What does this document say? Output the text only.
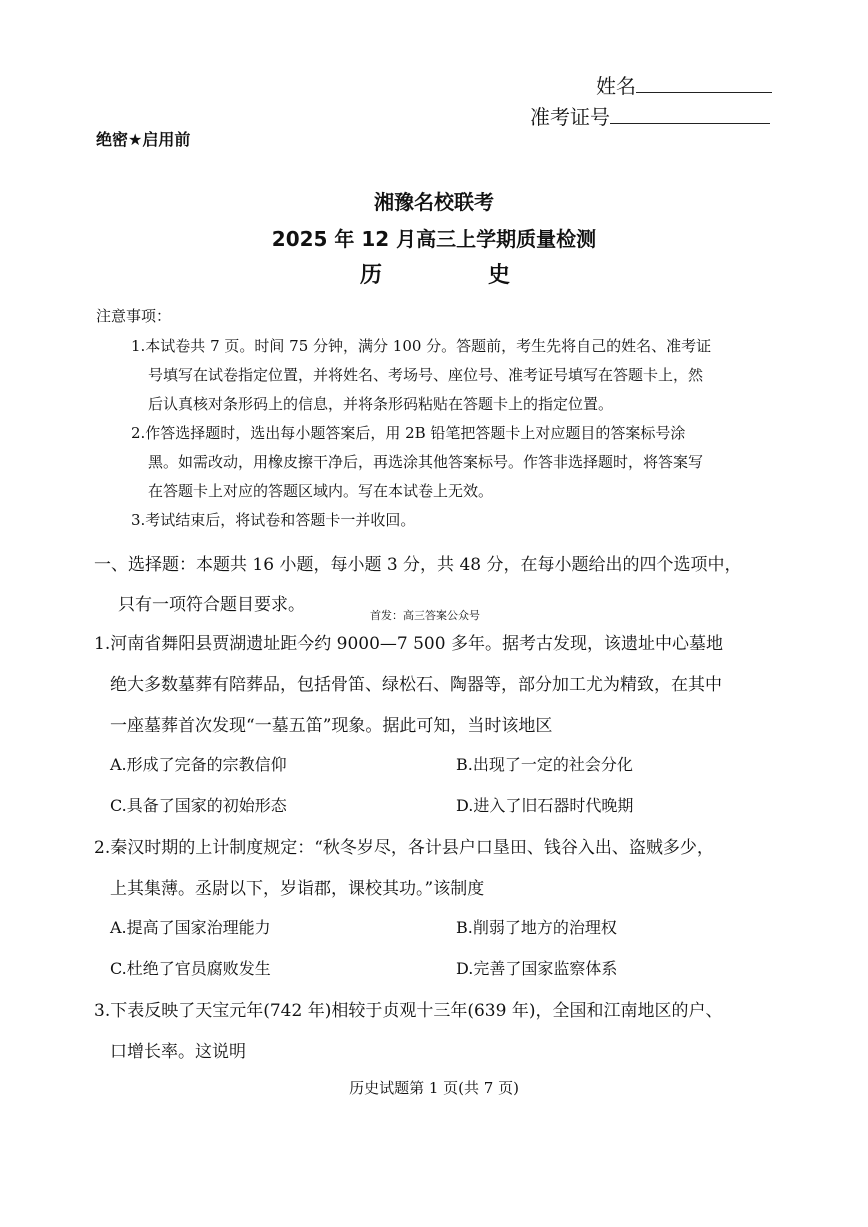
姓名
准考证号
绝密★启用前
湘豫名校联考
2025 年 12 月高三上学期质量检测
历	史
注意事项：
1.本试卷共 7 页。时间 75 分钟，满分 100 分。答题前，考生先将自己的姓名、准考证
号填写在试卷指定位置，并将姓名、考场号、座位号、准考证号填写在答题卡上，然
后认真核对条形码上的信息，并将条形码粘贴在答题卡上的指定位置。
2.作答选择题时，选出每小题答案后，用 2B 铅笔把答题卡上对应题目的答案标号涂
黑。如需改动，用橡皮擦干净后，再选涂其他答案标号。作答非选择题时，将答案写
在答题卡上对应的答题区域内。写在本试卷上无效。
3.考试结束后，将试卷和答题卡一并收回。
一、选择题：本题共 16 小题，每小题 3 分，共 48 分，在每小题给出的四个选项中，
只有一项符合题目要求。
首发：高三答案公众号
1.河南省舞阳县贾湖遗址距今约 9000—7 500 多年。据考古发现，该遗址中心墓地
绝大多数墓葬有陪葬品，包括骨笛、绿松石、陶器等，部分加工尤为精致，在其中
一座墓葬首次发现“一墓五笛”现象。据此可知，当时该地区
A.形成了完备的宗教信仰	B.出现了一定的社会分化
C.具备了国家的初始形态	D.进入了旧石器时代晚期
2.秦汉时期的上计制度规定：“秋冬岁尽，各计县户口垦田、钱谷入出、盗贼多少，
上其集薄。丞尉以下，岁诣郡，课校其功。”该制度
A.提高了国家治理能力	B.削弱了地方的治理权
C.杜绝了官员腐败发生	D.完善了国家监察体系
3.下表反映了天宝元年(742 年)相较于贞观十三年(639 年)，全国和江南地区的户、
口增长率。这说明
历史试题第 1 页(共 7 页)
